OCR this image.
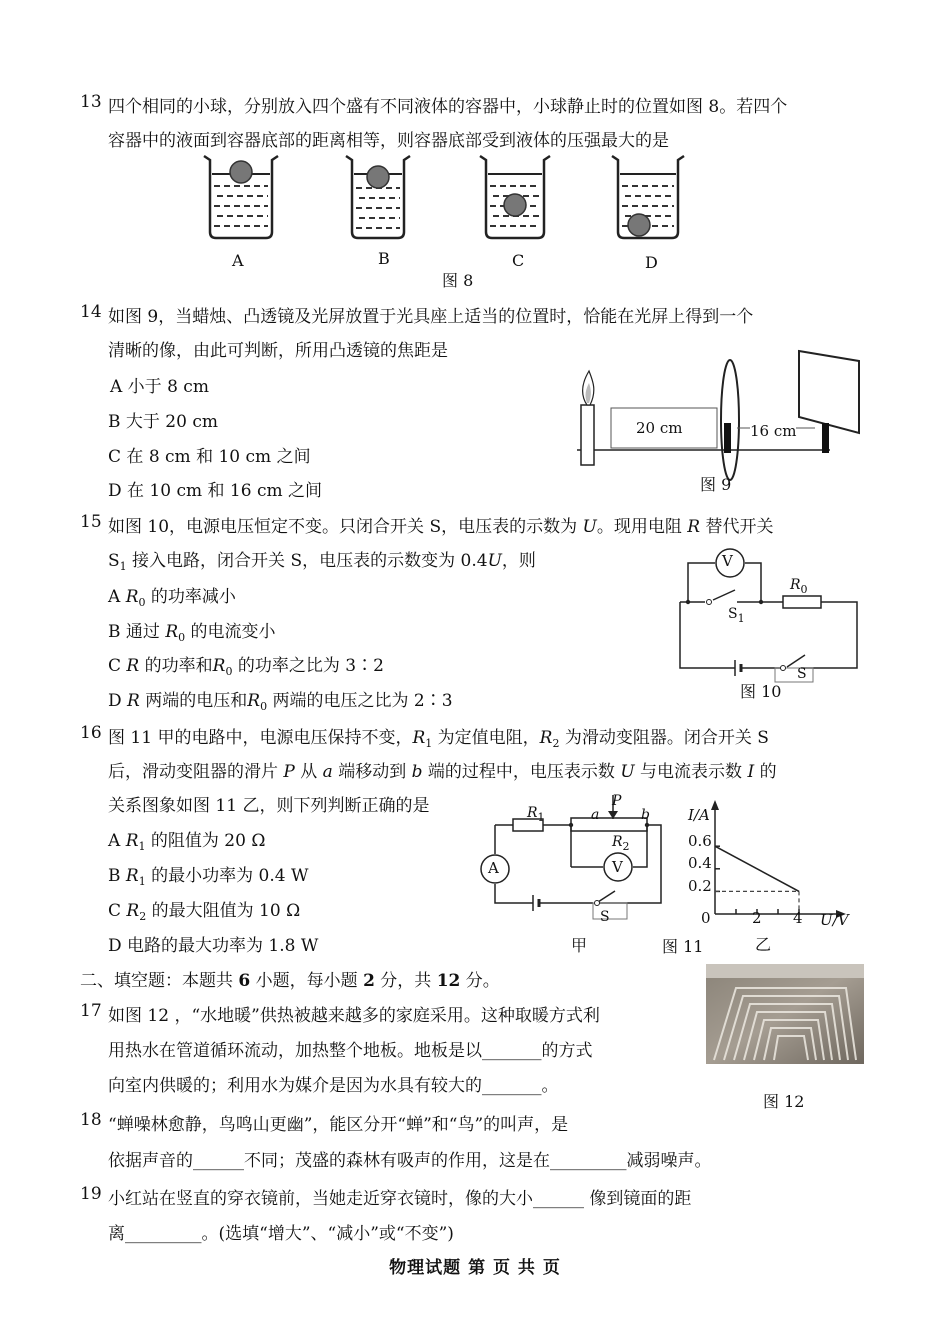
13 四个相同的小球，分别放入四个盛有不同液体的容器中，小球静止时的位置如图 8。若四个
容器中的液面到容器底部的距离相等，则容器底部受到液体的压强最大的是
A	B	C	D
图 8
14 如图 9，当蜡烛、凸透镜及光屏放置于光具座上适当的位置时，恰能在光屏上得到一个
清晰的像，由此可判断，所用凸透镜的焦距是
A 小于 8 cm
B 大于 20 cm
C 在 8 cm 和 10 cm 之间
D 在 10 cm 和 16 cm 之间
20 cm	16 cm
图 9
15 如图 10，电源电压恒定不变。只闭合开关 S，电压表的示数为 U。现用电阻 R 替代开关
$S_1$ 接入电路，闭合开关 S，电压表的示数变为 0.4U，则
A $R_0$ 的功率减小
B 通过 $R_0$ 的电流变小
C R 的功率和$R_0$ 的功率之比为 3∶2
D R 两端的电压和$R_0$ 两端的电压之比为 2∶3
V
$R_0$
$S_1$
S
图 10
16 图 11 甲的电路中，电源电压保持不变，$R_1$ 为定值电阻，$R_2$ 为滑动变阻器。闭合开关 S
后，滑动变阻器的滑片 P 从 a 端移动到 b 端的过程中，电压表示数 U 与电流表示数 I 的
关系图象如图 11 乙，则下列判断正确的是
A $R_1$ 的阻值为 20 Ω
B $R_1$ 的最小功率为 0.4 W
C $R_2$ 的最大阻值为 10 Ω
D 电路的最大功率为 1.8 W
A	V
$R_1$
$R_2$
P
a	b
S
甲
I/A
0.6
0.4
0.2
0	2 4 U/V
图 11	乙
二、填空题：本题共 6 小题，每小题 2 分，共 12 分。
17 如图 12 ，“水地暖”供热被越来越多的家庭采用。这种取暖方式利
用热水在管道循环流动，加热整个地板。地板是以_______的方式
向室内供暖的；利用水为媒介是因为水具有较大的_______。
图 12
18 “蝉噪林愈静，鸟鸣山更幽”，能区分开“蝉”和“鸟”的叫声，是
依据声音的______不同；茂盛的森林有吸声的作用，这是在_________减弱噪声。
19 小红站在竖直的穿衣镜前，当她走近穿衣镜时，像的大小______ 像到镜面的距
离_________。(选填“增大”、“减小”或“不变”)
物理试题 第 页 共 页
